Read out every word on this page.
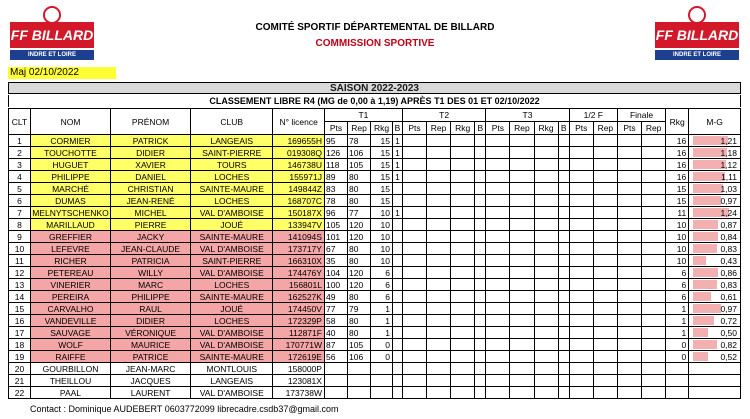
FF BILLARD
INDRE ET LOIRE
FF BILLARD
INDRE ET LOIRE
COMITÉ SPORTIF DÉPARTEMENTAL DE BILLARD
COMMISSION SPORTIVE
Maj 02/10/2022
SAISON 2022-2023
CLASSEMENT LIBRE R4 (MG de 0,00 à 1,19) APRÈS T1 DES 01 ET 02/10/2022
CLT	NOM	PRÉNOM	CLUB	N° licence	T1				T2				T3				1/2 F		Finale		Rkg	M-G
					Pts	Rep	Rkg	B	Pts	Rep	Rkg	B	Pts	Rep	Rkg	B	Pts	Rep	Pts	Rep		
1	CORMIER	PATRICK	LANGEAIS	169655H	95	78	15	1													16	1,21
2	TOUCHOTTE	DIDIER	SAINT-PIERRE	019308Q	126	106	15	1													16	1,18
3	HUGUET	XAVIER	TOURS	146738U	118	105	15	1													16	1,12
4	PHILIPPE	DANIEL	LOCHES	155971J	89	80	15	1													16	1,11
5	MARCHÉ	CHRISTIAN	SAINTE-MAURE	149844Z	83	80	15														15	1,03
6	DUMAS	JEAN-RENÉ	LOCHES	168707C	78	80	15														15	0,97
7	MELNYTSCHENKO	MICHEL	VAL D'AMBOISE	150187X	96	77	10	1													11	1,24
8	MARILLAUD	PIERRE	JOUÉ	133947V	105	120	10														10	0,87
9	GREFFIER	JACKY	SAINTE-MAURE	141094S	101	120	10														10	0,84
10	LEFEVRE	JEAN-CLAUDE	VAL D'AMBOISE	173717Y	67	80	10														10	0,83
11	RICHER	PATRICIA	SAINT-PIERRE	166310X	35	80	10														10	0,43
12	PETEREAU	WILLY	VAL D'AMBOISE	174476Y	104	120	6														6	0,86
13	VINERIER	MARC	LOCHES	156801L	100	120	6														6	0,83
14	PEREIRA	PHILIPPE	SAINTE-MAURE	162527K	49	80	6														6	0,61
15	CARVALHO	RAUL	JOUÉ	174450V	77	79	1														1	0,97
16	VANDEVILLE	DIDIER	LOCHES	172329P	58	80	1														1	0,72
17	SAUVAGE	VÉRONIQUE	VAL D'AMBOISE	112871F	40	80	1														1	0,50
18	WOLF	MAURICE	VAL D'AMBOISE	170771W	87	105	0														0	0,82
19	RAIFFE	PATRICE	SAINTE-MAURE	172619E	56	106	0														0	0,52
20	GOURBILLON	JEAN-MARC	MONTLOUIS	158000P																		
21	THEILLOU	JACQUES	LANGEAIS	123081X																		
22	PAAL	LAURENT	VAL D'AMBOISE	173738W																		
Contact : Dominique AUDEBERT 0603772099 librecadre.csdb37@gmail.com
